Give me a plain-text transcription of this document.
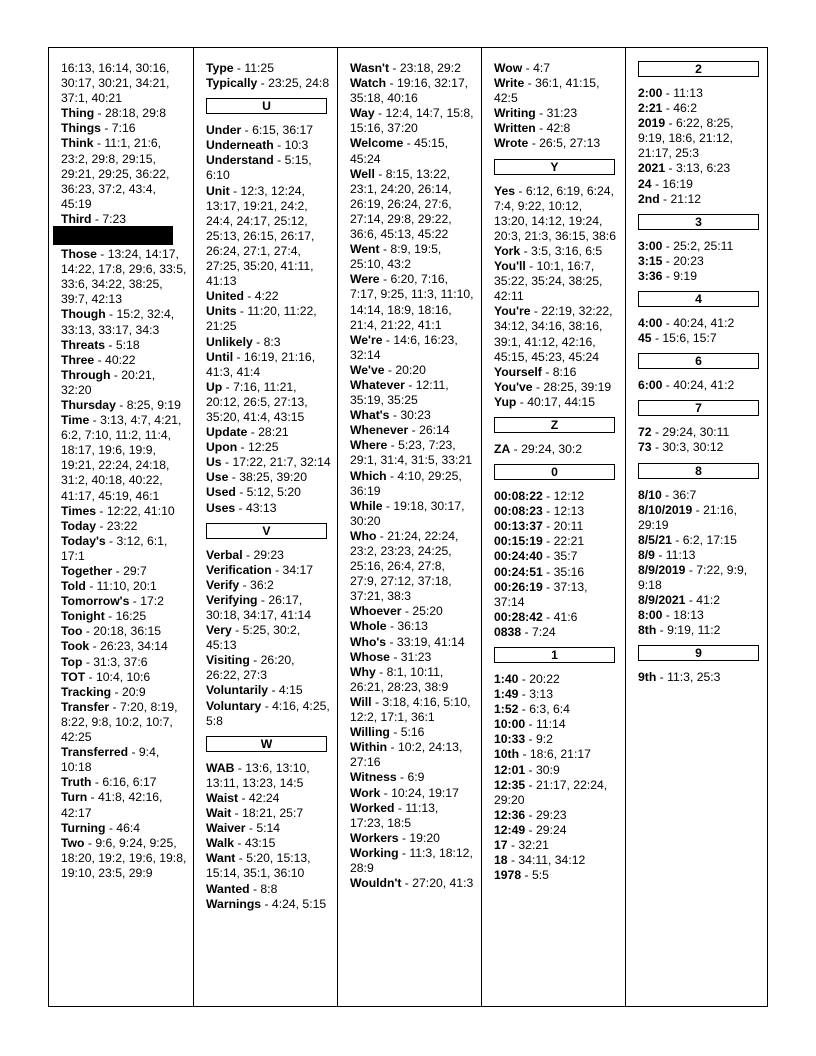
16:13, 16:14, 30:16, 30:17, 30:21, 34:21, 37:1, 40:21
Thing - 28:18, 29:8
Things - 7:16
Think - 11:1, 21:6, 23:2, 29:8, 29:15, 29:21, 29:25, 36:22, 36:23, 37:2, 43:4, 45:19
Third - 7:23
Those - 13:24, 14:17, 14:22, 17:8, 29:6, 33:5, 33:6, 34:22, 38:25, 39:7, 42:13
Though - 15:2, 32:4, 33:13, 33:17, 34:3
Threats - 5:18
Three - 40:22
Through - 20:21, 32:20
Thursday - 8:25, 9:19
Time - 3:13, 4:7, 4:21, 6:2, 7:10, 11:2, 11:4, 18:17, 19:6, 19:9, 19:21, 22:24, 24:18, 31:2, 40:18, 40:22, 41:17, 45:19, 46:1
Times - 12:22, 41:10
Today - 23:22
Today's - 3:12, 6:1, 17:1
Together - 29:7
Told - 11:10, 20:1
Tomorrow's - 17:2
Tonight - 16:25
Too - 20:18, 36:15
Took - 26:23, 34:14
Top - 31:3, 37:6
TOT - 10:4, 10:6
Tracking - 20:9
Transfer - 7:20, 8:19, 8:22, 9:8, 10:2, 10:7, 42:25
Transferred - 9:4, 10:18
Truth - 6:16, 6:17
Turn - 41:8, 42:16, 42:17
Turning - 46:4
Two - 9:6, 9:24, 9:25, 18:20, 19:2, 19:6, 19:8, 19:10, 23:5, 29:9
Type - 11:25
Typically - 23:25, 24:8
U
Under - 6:15, 36:17
Underneath - 10:3
Understand - 5:15, 6:10
Unit - 12:3, 12:24, 13:17, 19:21, 24:2, 24:4, 24:17, 25:12, 25:13, 26:15, 26:17, 26:24, 27:1, 27:4, 27:25, 35:20, 41:11, 41:13
United - 4:22
Units - 11:20, 11:22, 21:25
Unlikely - 8:3
Until - 16:19, 21:16, 41:3, 41:4
Up - 7:16, 11:21, 20:12, 26:5, 27:13, 35:20, 41:4, 43:15
Update - 28:21
Upon - 12:25
Us - 17:22, 21:7, 32:14
Use - 38:25, 39:20
Used - 5:12, 5:20
Uses - 43:13
V
Verbal - 29:23
Verification - 34:17
Verify - 36:2
Verifying - 26:17, 30:18, 34:17, 41:14
Very - 5:25, 30:2, 45:13
Visiting - 26:20, 26:22, 27:3
Voluntarily - 4:15
Voluntary - 4:16, 4:25, 5:8
W
WAB - 13:6, 13:10, 13:11, 13:23, 14:5
Waist - 42:24
Wait - 18:21, 25:7
Waiver - 5:14
Walk - 43:15
Want - 5:20, 15:13, 15:14, 35:1, 36:10
Wanted - 8:8
Warnings - 4:24, 5:15
Wasn't - 23:18, 29:2
Watch - 19:16, 32:17, 35:18, 40:16
Way - 12:4, 14:7, 15:8, 15:16, 37:20
Welcome - 45:15, 45:24
Well - 8:15, 13:22, 23:1, 24:20, 26:14, 26:19, 26:24, 27:6, 27:14, 29:8, 29:22, 36:6, 45:13, 45:22
Went - 8:9, 19:5, 25:10, 43:2
Were - 6:20, 7:16, 7:17, 9:25, 11:3, 11:10, 14:14, 18:9, 18:16, 21:4, 21:22, 41:1
We're - 14:6, 16:23, 32:14
We've - 20:20
Whatever - 12:11, 35:19, 35:25
What's - 30:23
Whenever - 26:14
Where - 5:23, 7:23, 29:1, 31:4, 31:5, 33:21
Which - 4:10, 29:25, 36:19
While - 19:18, 30:17, 30:20
Who - 21:24, 22:24, 23:2, 23:23, 24:25, 25:16, 26:4, 27:8, 27:9, 27:12, 37:18, 37:21, 38:3
Whoever - 25:20
Whole - 36:13
Who's - 33:19, 41:14
Whose - 31:23
Why - 8:1, 10:11, 26:21, 28:23, 38:9
Will - 3:18, 4:16, 5:10, 12:2, 17:1, 36:1
Willing - 5:16
Within - 10:2, 24:13, 27:16
Witness - 6:9
Work - 10:24, 19:17
Worked - 11:13, 17:23, 18:5
Workers - 19:20
Working - 11:3, 18:12, 28:9
Wouldn't - 27:20, 41:3
Wow - 4:7
Write - 36:1, 41:15, 42:5
Writing - 31:23
Written - 42:8
Wrote - 26:5, 27:13
Y
Yes - 6:12, 6:19, 6:24, 7:4, 9:22, 10:12, 13:20, 14:12, 19:24, 20:3, 21:3, 36:15, 38:6
York - 3:5, 3:16, 6:5
You'll - 10:1, 16:7, 35:22, 35:24, 38:25, 42:11
You're - 22:19, 32:22, 34:12, 34:16, 38:16, 39:1, 41:12, 42:16, 45:15, 45:23, 45:24
Yourself - 8:16
You've - 28:25, 39:19
Yup - 40:17, 44:15
Z
ZA - 29:24, 30:2
0
00:08:22 - 12:12
00:08:23 - 12:13
00:13:37 - 20:11
00:15:19 - 22:21
00:24:40 - 35:7
00:24:51 - 35:16
00:26:19 - 37:13, 37:14
00:28:42 - 41:6
0838 - 7:24
1
1:40 - 20:22
1:49 - 3:13
1:52 - 6:3, 6:4
10:00 - 11:14
10:33 - 9:2
10th - 18:6, 21:17
12:01 - 30:9
12:35 - 21:17, 22:24, 29:20
12:36 - 29:23
12:49 - 29:24
17 - 32:21
18 - 34:11, 34:12
1978 - 5:5
2
2:00 - 11:13
2:21 - 46:2
2019 - 6:22, 8:25, 9:19, 18:6, 21:12, 21:17, 25:3
2021 - 3:13, 6:23
24 - 16:19
2nd - 21:12
3
3:00 - 25:2, 25:11
3:15 - 20:23
3:36 - 9:19
4
4:00 - 40:24, 41:2
45 - 15:6, 15:7
6
6:00 - 40:24, 41:2
7
72 - 29:24, 30:11
73 - 30:3, 30:12
8
8/10 - 36:7
8/10/2019 - 21:16, 29:19
8/5/21 - 6:2, 17:15
8/9 - 11:13
8/9/2019 - 7:22, 9:9, 9:18
8/9/2021 - 41:2
8:00 - 18:13
8th - 9:19, 11:2
9
9th - 11:3, 25:3
